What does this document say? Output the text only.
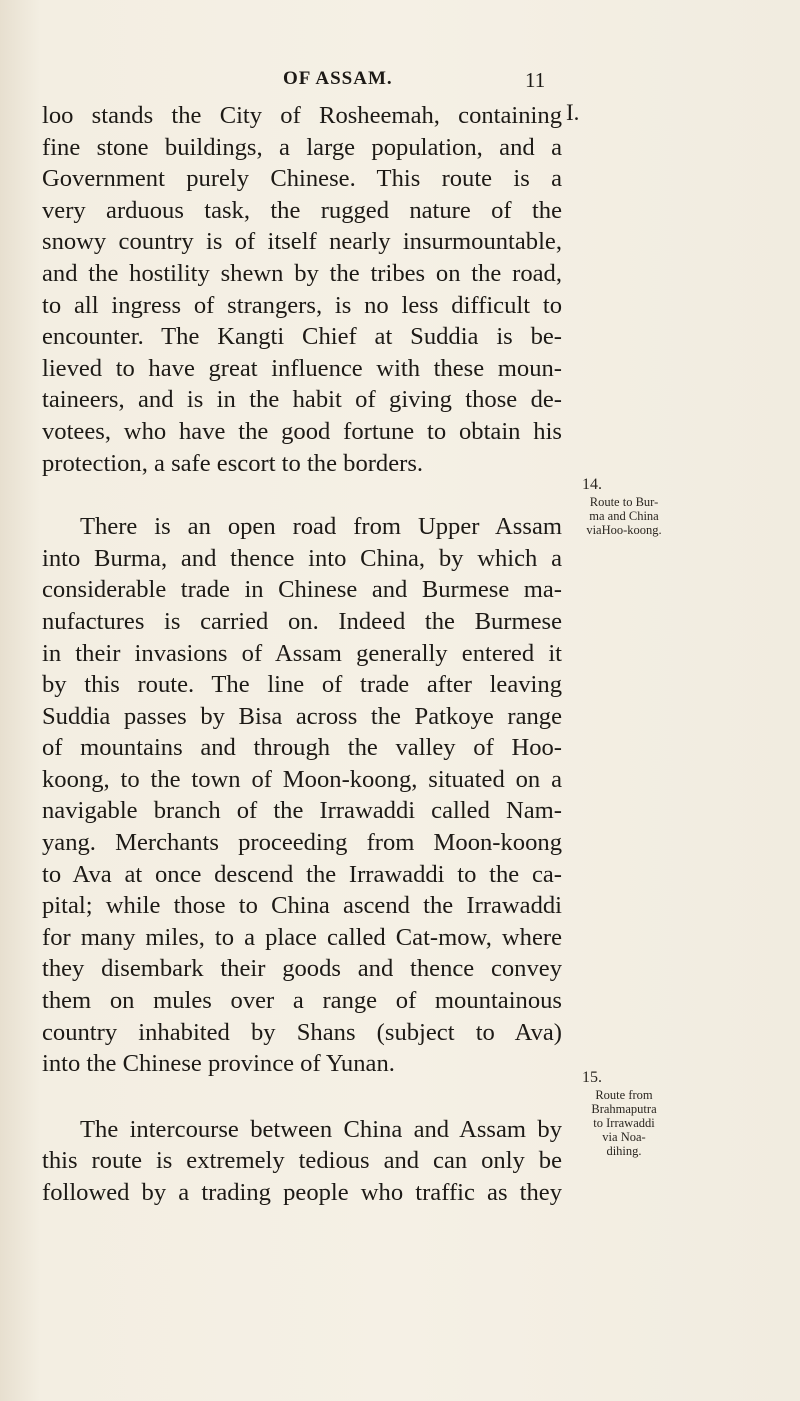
OF ASSAM.	11
I.

loo stands the City of Rosheemah, containing
fine stone buildings, a large population, and a
Government purely Chinese. This route is a
very arduous task, the rugged nature of the
snowy country is of itself nearly insurmountable,
and the hostility shewn by the tribes on the road,
to all ingress of strangers, is no less difficult to
encounter. The Kangti Chief at Suddia is be-
lieved to have great influence with these moun-
taineers, and is in the habit of giving those de-
votees, who have the good fortune to obtain his
protection, a safe escort to the borders.

There is an open road from Upper Assam
into Burma, and thence into China, by which a
considerable trade in Chinese and Burmese ma-
nufactures is carried on. Indeed the Burmese
in their invasions of Assam generally entered it
by this route. The line of trade after leaving
Suddia passes by Bisa across the Patkoye range
of mountains and through the valley of Hoo-
koong, to the town of Moon-koong, situated on a
navigable branch of the Irrawaddi called Nam-
yang. Merchants proceeding from Moon-koong
to Ava at once descend the Irrawaddi to the ca-
pital; while those to China ascend the Irrawaddi
for many miles, to a place called Cat-mow, where
they disembark their goods and thence convey
them on mules over a range of mountainous
country inhabited by Shans (subject to Ava)
into the Chinese province of Yunan.

The intercourse between China and Assam by
this route is extremely tedious and can only be
followed by a trading people who traffic as they

14.
Route to Bur-
ma and China
viaHoo-koong.
15.
Route from
Brahmaputra
to Irrawaddi
via Noa-
dihing.
